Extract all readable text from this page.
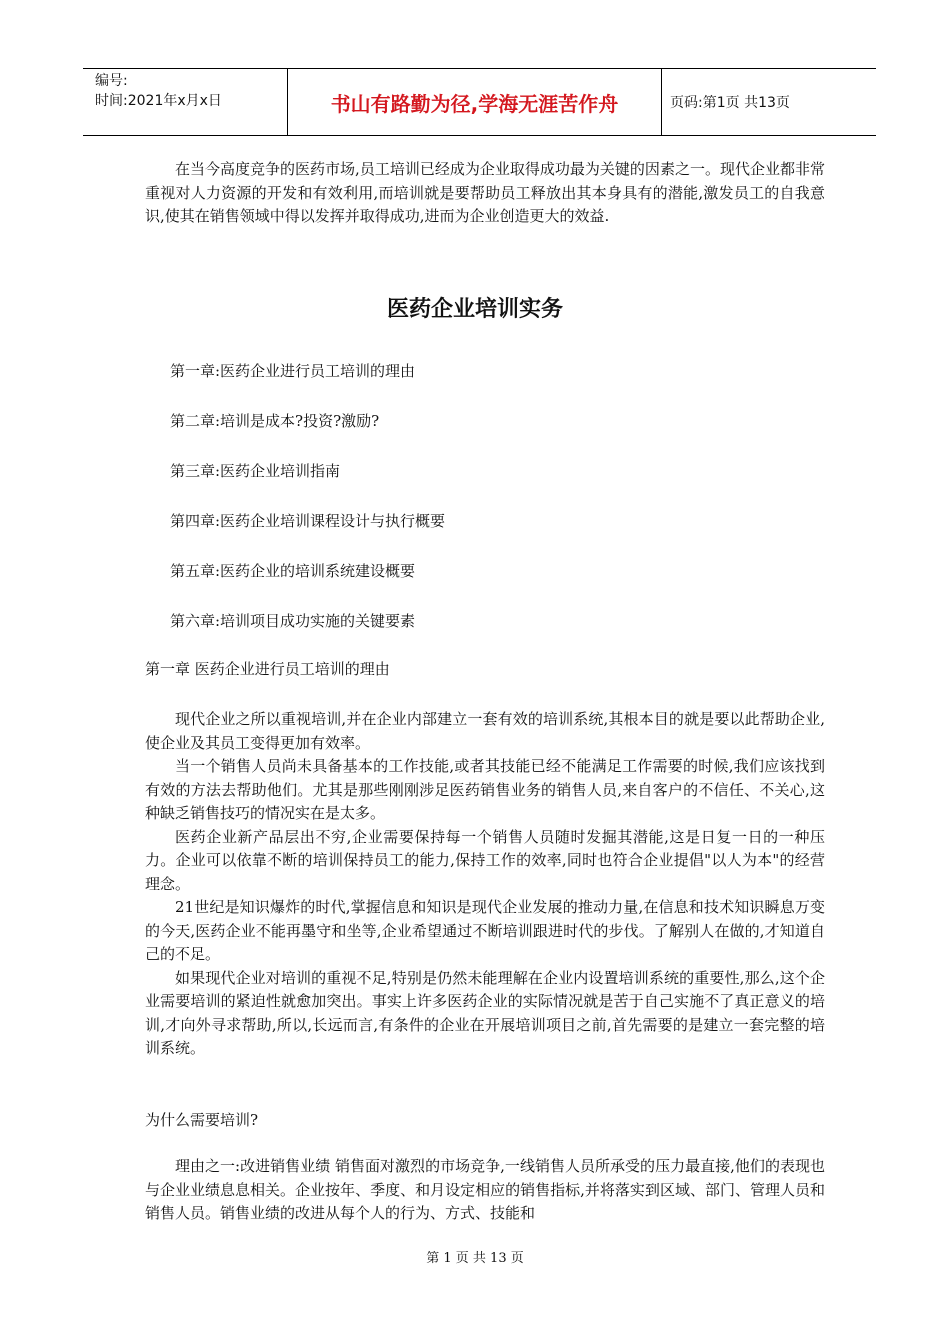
编号:
时间:2021年x月x日	书山有路勤为径,学海无涯苦作舟	页码:第1页 共13页

在当今高度竞争的医药市场,员工培训已经成为企业取得成功最为关键的因素之一。现代企业都非常重视对人力资源的开发和有效利用,而培训就是要帮助员工释放出其本身具有的潜能,激发员工的自我意识,使其在销售领域中得以发挥并取得成功,进而为企业创造更大的效益.

医药企业培训实务
第一章:医药企业进行员工培训的理由
第二章:培训是成本?投资?激励?
第三章:医药企业培训指南
第四章:医药企业培训课程设计与执行概要
第五章:医药企业的培训系统建设概要
第六章:培训项目成功实施的关键要素
第一章 医药企业进行员工培训的理由

现代企业之所以重视培训,并在企业内部建立一套有效的培训系统,其根本目的就是要以此帮助企业,使企业及其员工变得更加有效率。

当一个销售人员尚未具备基本的工作技能,或者其技能已经不能满足工作需要的时候,我们应该找到有效的方法去帮助他们。尤其是那些刚刚涉足医药销售业务的销售人员,来自客户的不信任、不关心,这种缺乏销售技巧的情况实在是太多。

医药企业新产品层出不穷,企业需要保持每一个销售人员随时发掘其潜能,这是日复一日的一种压力。企业可以依靠不断的培训保持员工的能力,保持工作的效率,同时也符合企业提倡"以人为本"的经营理念。

21世纪是知识爆炸的时代,掌握信息和知识是现代企业发展的推动力量,在信息和技术知识瞬息万变的今天,医药企业不能再墨守和坐等,企业希望通过不断培训跟进时代的步伐。了解别人在做的,才知道自己的不足。

如果现代企业对培训的重视不足,特别是仍然未能理解在企业内设置培训系统的重要性,那么,这个企业需要培训的紧迫性就愈加突出。事实上许多医药企业的实际情况就是苦于自己实施不了真正意义的培训,才向外寻求帮助,所以,长远而言,有条件的企业在开展培训项目之前,首先需要的是建立一套完整的培训系统。

为什么需要培训?

理由之一:改进销售业绩 销售面对激烈的市场竞争,一线销售人员所承受的压力最直接,他们的表现也与企业业绩息息相关。企业按年、季度、和月设定相应的销售指标,并将落实到区域、部门、管理人员和销售人员。销售业绩的改进从每个人的行为、方式、技能和

第 1 页 共 13 页
